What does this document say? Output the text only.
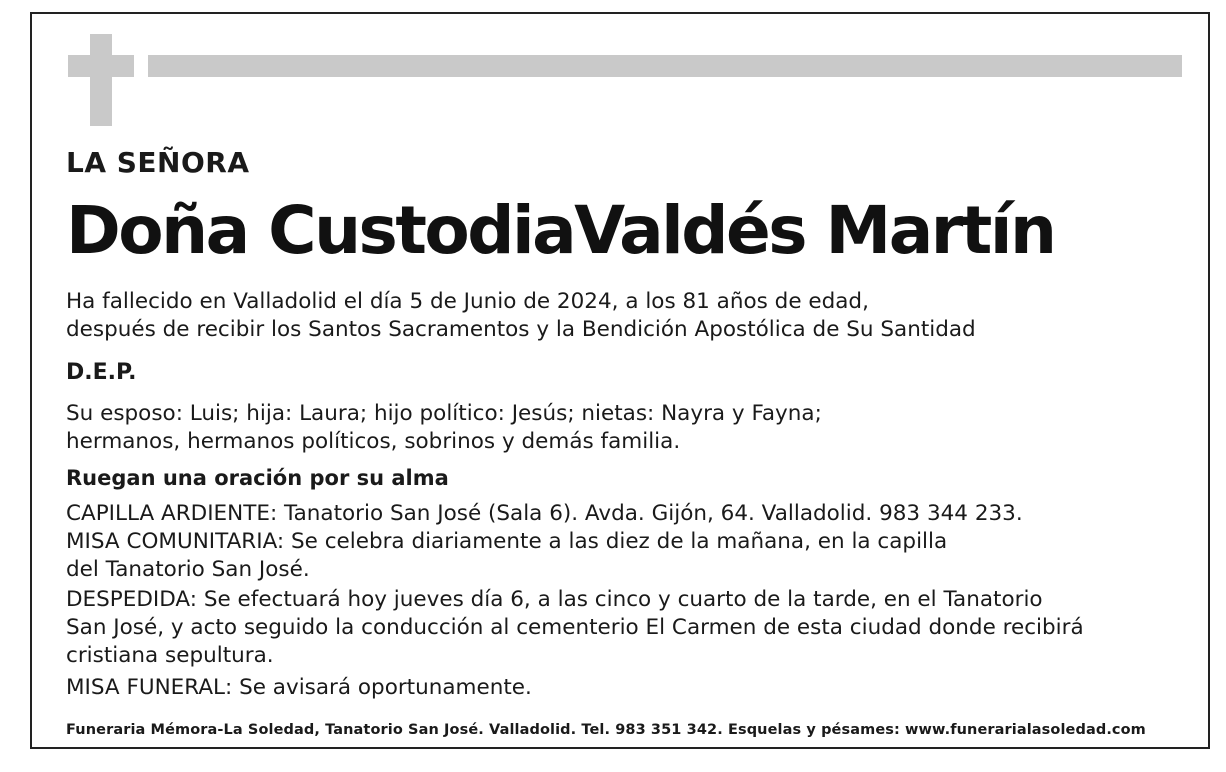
LA SEÑORA

Doña CustodiaValdés Martín

Ha fallecido en Valladolid el día 5 de Junio de 2024, a los 81 años de edad,

después de recibir los Santos Sacramentos y la Bendición Apostólica de Su Santidad

D.E.P.

Su esposo: Luis; hija: Laura; hijo político: Jesús; nietas: Nayra y Fayna;

hermanos, hermanos políticos, sobrinos y demás familia.

Ruegan una oración por su alma

CAPILLA ARDIENTE: Tanatorio San José (Sala 6). Avda. Gijón, 64. Valladolid. 983 344 233.

MISA COMUNITARIA: Se celebra diariamente a las diez de la mañana, en la capilla

del Tanatorio San José.

DESPEDIDA: Se efectuará hoy jueves día 6, a las cinco y cuarto de la tarde, en el Tanatorio

San José, y acto seguido la conducción al cementerio El Carmen de esta ciudad donde recibirá

cristiana sepultura.

MISA FUNERAL: Se avisará oportunamente.

Funeraria Mémora-La Soledad, Tanatorio San José. Valladolid. Tel. 983 351 342. Esquelas y pésames: www.funerarialasoledad.com
